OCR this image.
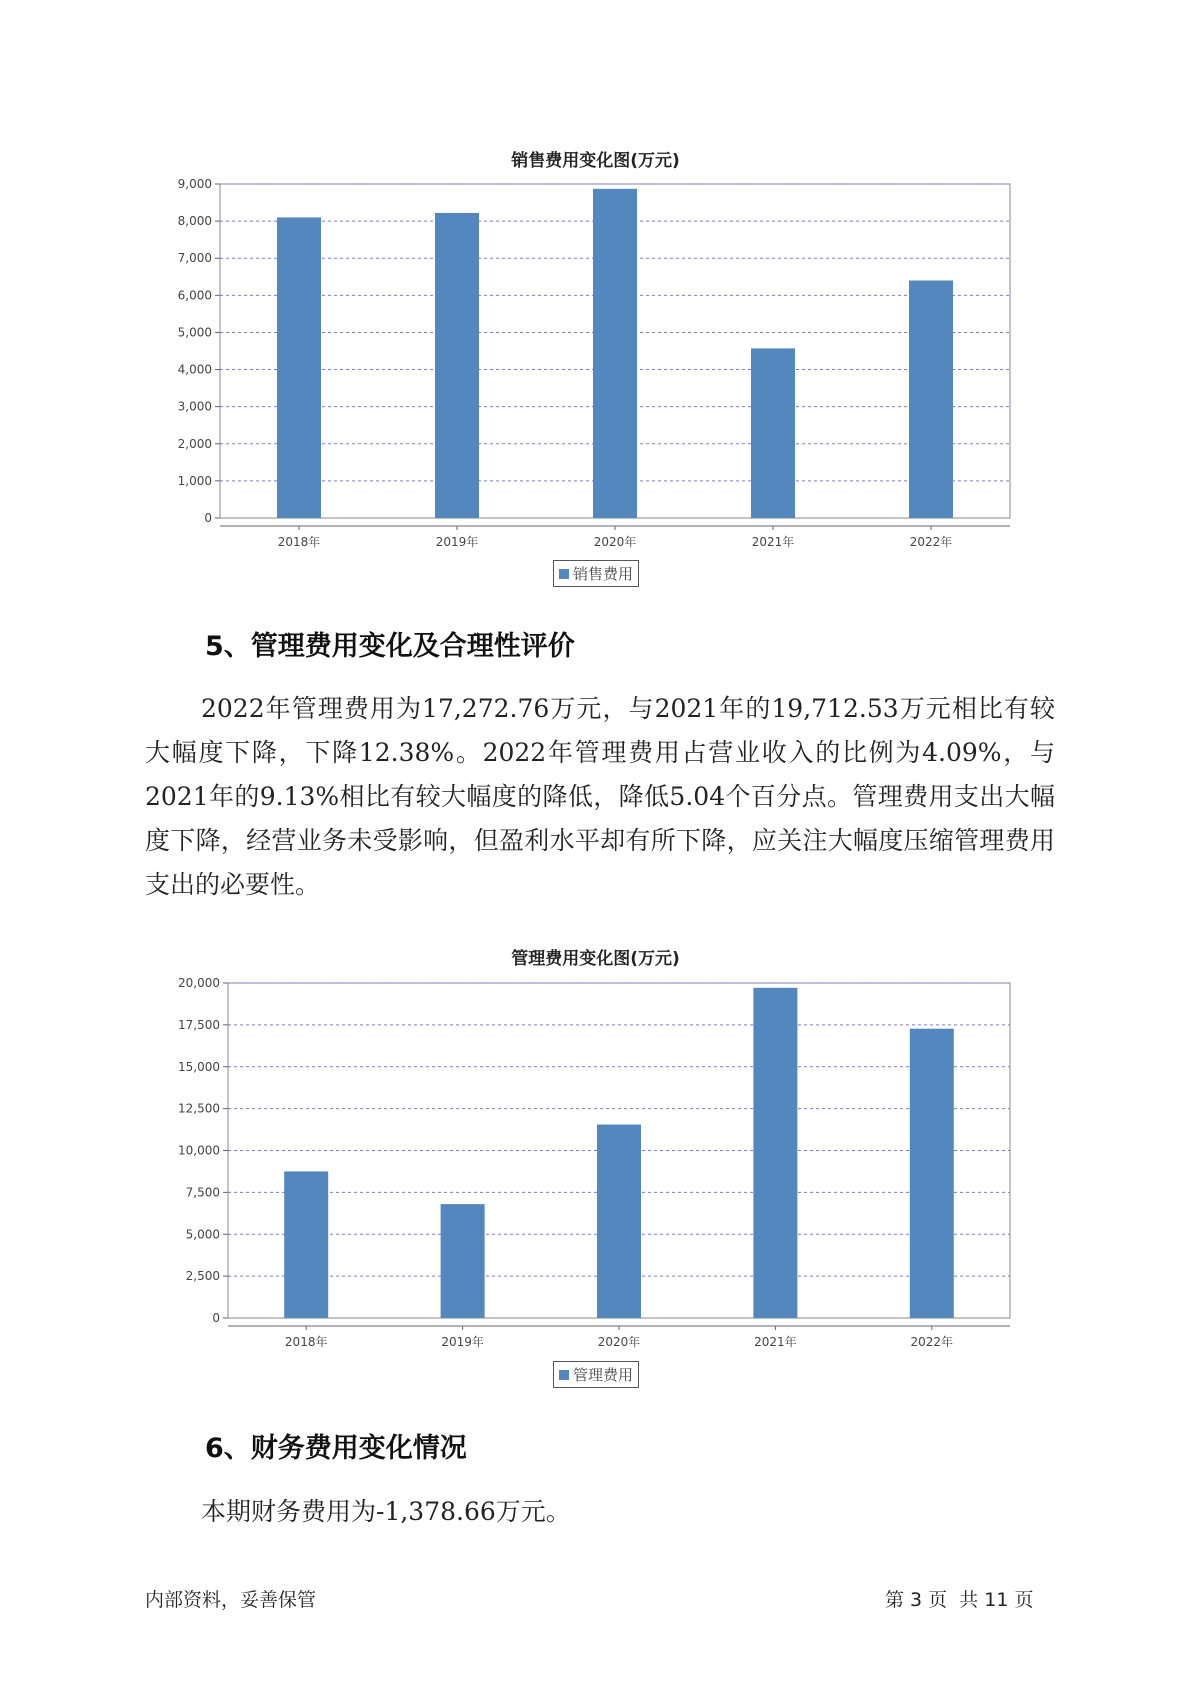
销售费用变化图(万元)
0
1,000
2,000
3,000
4,000
5,000
6,000
7,000
8,000
9,000
2018年	2019年	2020年	2021年	2022年
销售费用
5、管理费用变化及合理性评价
2022年管理费用为17,272.76万元，与2021年的19,712.53万元相比有较大幅度下降，下降12.38%。2022年管理费用占营业收入的比例为4.09%，与2021年的9.13%相比有较大幅度的降低，降低5.04个百分点。管理费用支出大幅度下降，经营业务未受影响，但盈利水平却有所下降，应关注大幅度压缩管理费用支出的必要性。
管理费用变化图(万元)
0
2,500
5,000
7,500
10,000
12,500
15,000
17,500
20,000
2018年	2019年	2020年	2021年	2022年
管理费用
6、财务费用变化情况
本期财务费用为-1,378.66万元。
内部资料，妥善保管	第 3 页  共 11 页
